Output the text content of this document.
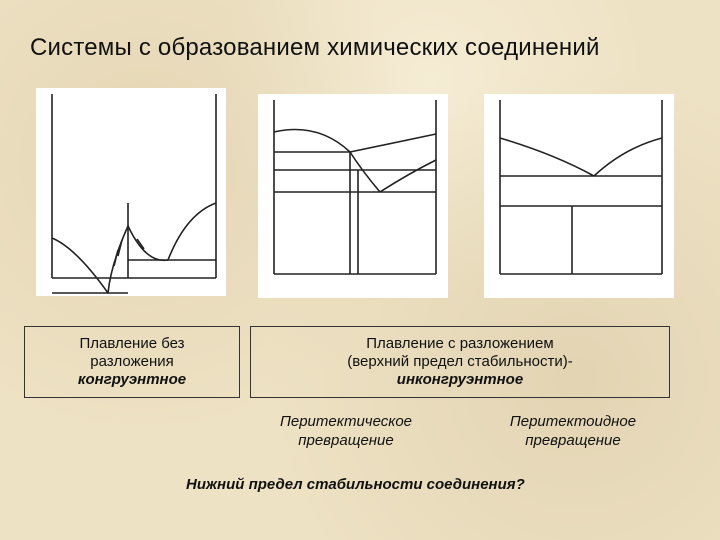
Системы с образованием химических соединений
Плавление без
разложения
конгруэнтное
Плавление с разложением
(верхний предел стабильности)-
инконгруэнтное
Перитектическое
превращение
Перитектоидное
превращение
Нижний предел стабильности соединения?
